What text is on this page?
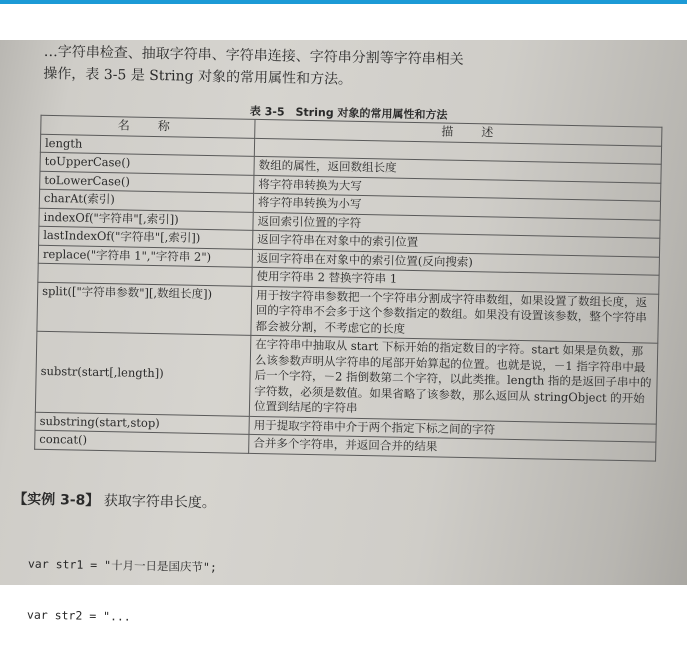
…字符串检查、抽取字符串、字符串连接、字符串分割等字符串相关
操作，表 3-5 是 String 对象的常用属性和方法。
表 3-5　String 对象的常用属性和方法
名　称	描　述
length	
toUpperCase()	数组的属性，返回数组长度
toLowerCase()	将字符串转换为大写
charAt(索引)	将字符串转换为小写
indexOf("字符串"[,索引])	返回索引位置的字符
lastIndexOf("字符串"[,索引])	返回字符串在对象中的索引位置
replace("字符串 1","字符串 2")	返回字符串在对象中的索引位置(反向搜索)
	使用字符串 2 替换字符串 1
split(["字符串参数"][,数组长度])	用于按字符串参数把一个字符串分割成字符串数组，如果设置了数组长度，返回的字符串不会多于这个参数指定的数组。如果没有设置该参数，整个字符串都会被分割，不考虑它的长度
substr(start[,length])	在字符串中抽取从 start 下标开始的指定数目的字符。start 如果是负数，那么该参数声明从字符串的尾部开始算起的位置。也就是说，－1 指字符串中最后一个字符，－2 指倒数第二个字符，以此类推。length 指的是返回子串中的字符数，必须是数值。如果省略了该参数，那么返回从 stringObject 的开始位置到结尾的字符串
substring(start,stop)	用于提取字符串中介于两个指定下标之间的字符
concat()	合并多个字符串，并返回合并的结果
【实例 3-8】 获取字符串长度。

var str1 = "十月一日是国庆节";

var str2 = "...
